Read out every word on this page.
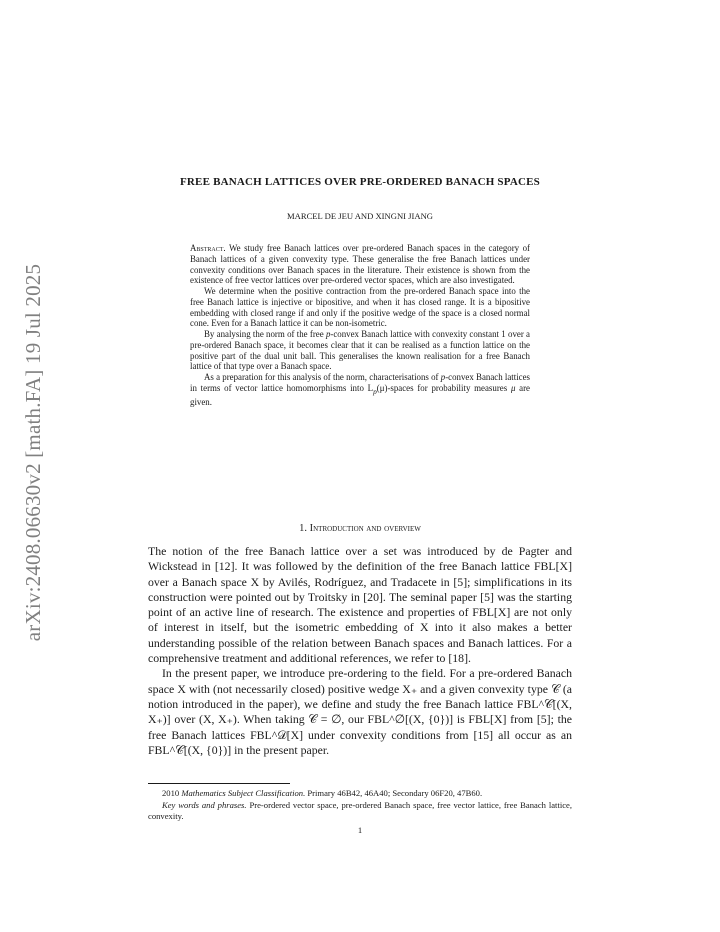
arXiv:2408.06630v2 [math.FA] 19 Jul 2025
FREE BANACH LATTICES OVER PRE-ORDERED BANACH SPACES
MARCEL DE JEU AND XINGNI JIANG

Abstract. We study free Banach lattices over pre-ordered Banach spaces in the category of Banach lattices of a given convexity type. These generalise the free Banach lattices under convexity conditions over Banach spaces in the literature. Their existence is shown from the existence of free vector lattices over pre-ordered vector spaces, which are also investigated.

We determine when the positive contraction from the pre-ordered Banach space into the free Banach lattice is injective or bipositive, and when it has closed range. It is a bipositive embedding with closed range if and only if the positive wedge of the space is a closed normal cone. Even for a Banach lattice it can be non-isometric.

By analysing the norm of the free p-convex Banach lattice with convexity constant 1 over a pre-ordered Banach space, it becomes clear that it can be realised as a function lattice on the positive part of the dual unit ball. This generalises the known realisation for a free Banach lattice of that type over a Banach space.

As a preparation for this analysis of the norm, characterisations of p-convex Banach lattices in terms of vector lattice homomorphisms into $L_p(\mu)$-spaces for probability measures μ are given.

1. Introduction and overview

The notion of the free Banach lattice over a set was introduced by de Pagter and Wickstead in [12]. It was followed by the definition of the free Banach lattice FBL[X] over a Banach space X by Avilés, Rodríguez, and Tradacete in [5]; simplifications in its construction were pointed out by Troitsky in [20]. The seminal paper [5] was the starting point of an active line of research. The existence and properties of FBL[X] are not only of interest in itself, but the isometric embedding of X into it also makes a better understanding possible of the relation between Banach spaces and Banach lattices. For a comprehensive treatment and additional references, we refer to [18].

In the present paper, we introduce pre-ordering to the field. For a pre-ordered Banach space X with (not necessarily closed) positive wedge X₊ and a given convexity type 𝒞 (a notion introduced in the paper), we define and study the free Banach lattice FBL^𝒞[(X, X₊)] over (X, X₊). When taking 𝒞 = ∅, our FBL^∅[(X, {0})] is FBL[X] from [5]; the free Banach lattices FBL^𝒟[X] under convexity conditions from [15] all occur as an FBL^𝒞[(X, {0})] in the present paper.

2010 Mathematics Subject Classification. Primary 46B42, 46A40; Secondary 06F20, 47B60.

Key words and phrases. Pre-ordered vector space, pre-ordered Banach space, free vector lattice, free Banach lattice, convexity.

1
